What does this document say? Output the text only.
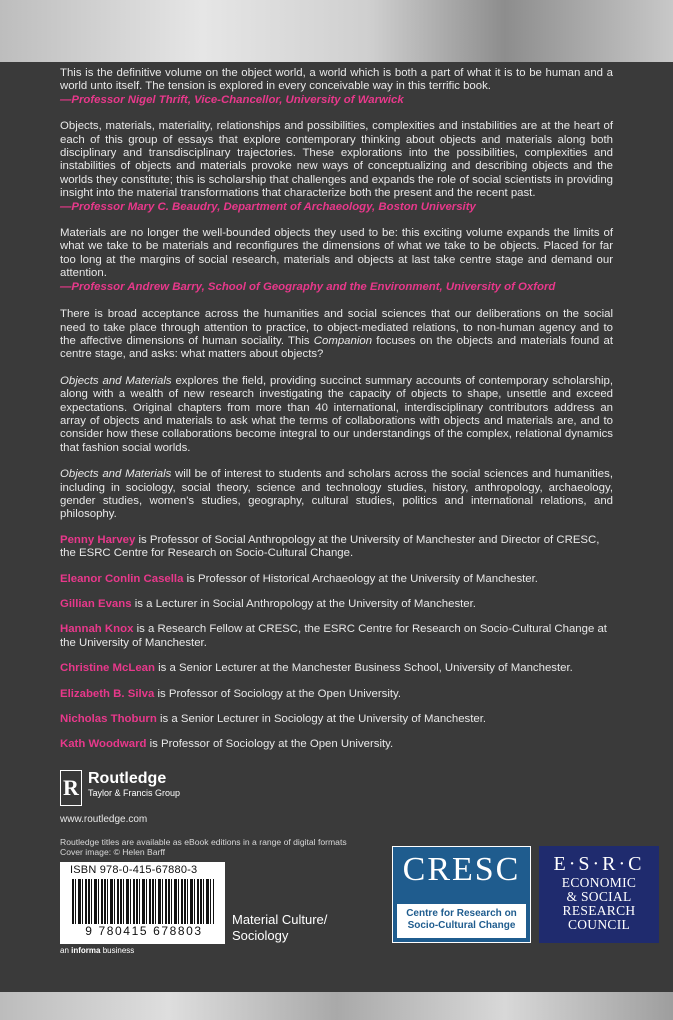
This is the definitive volume on the object world, a world which is both a part of what it is to be human and a world unto itself. The tension is explored in every conceivable way in this terrific book.
—Professor Nigel Thrift, Vice-Chancellor, University of Warwick
Objects, materials, materiality, relationships and possibilities, complexities and instabilities are at the heart of each of this group of essays that explore contemporary thinking about objects and materials along both disciplinary and transdisciplinary trajectories. These explorations into the possibilities, complexities and instabilities of objects and materials provoke new ways of conceptualizing and describing objects and the worlds they constitute; this is scholarship that challenges and expands the role of social scientists in providing insight into the material transformations that characterize both the present and the recent past.
—Professor Mary C. Beaudry, Department of Archaeology, Boston University
Materials are no longer the well-bounded objects they used to be: this exciting volume expands the limits of what we take to be materials and reconfigures the dimensions of what we take to be objects. Placed for far too long at the margins of social research, materials and objects at last take centre stage and demand our attention.
—Professor Andrew Barry, School of Geography and the Environment, University of Oxford
There is broad acceptance across the humanities and social sciences that our deliberations on the social need to take place through attention to practice, to object-mediated relations, to non-human agency and to the affective dimensions of human sociality. This Companion focuses on the objects and materials found at centre stage, and asks: what matters about objects?
Objects and Materials explores the field, providing succinct summary accounts of contemporary scholarship, along with a wealth of new research investigating the capacity of objects to shape, unsettle and exceed expectations. Original chapters from more than 40 international, interdisciplinary contributors address an array of objects and materials to ask what the terms of collaborations with objects and materials are, and to consider how these collaborations become integral to our understandings of the complex, relational dynamics that fashion social worlds.
Objects and Materials will be of interest to students and scholars across the social sciences and humanities, including in sociology, social theory, science and technology studies, history, anthropology, archaeology, gender studies, women's studies, geography, cultural studies, politics and international relations, and philosophy.
Penny Harvey is Professor of Social Anthropology at the University of Manchester and Director of CRESC, the ESRC Centre for Research on Socio-Cultural Change.
Eleanor Conlin Casella is Professor of Historical Archaeology at the University of Manchester.
Gillian Evans is a Lecturer in Social Anthropology at the University of Manchester.
Hannah Knox is a Research Fellow at CRESC, the ESRC Centre for Research on Socio-Cultural Change at the University of Manchester.
Christine McLean is a Senior Lecturer at the Manchester Business School, University of Manchester.
Elizabeth B. Silva is Professor of Sociology at the Open University.
Nicholas Thoburn is a Senior Lecturer in Sociology at the University of Manchester.
Kath Woodward is Professor of Sociology at the Open University.
R Routledge
Taylor & Francis Group
www.routledge.com
Routledge titles are available as eBook editions in a range of digital formats
Cover image: © Helen Barff
ISBN 978-0-415-67880-3
9 780415 678803
an informa business
Material Culture/
Sociology
CRESC
Centre for Research on
Socio-Cultural Change
E·S·R·C
ECONOMIC
& SOCIAL
RESEARCH
COUNCIL
